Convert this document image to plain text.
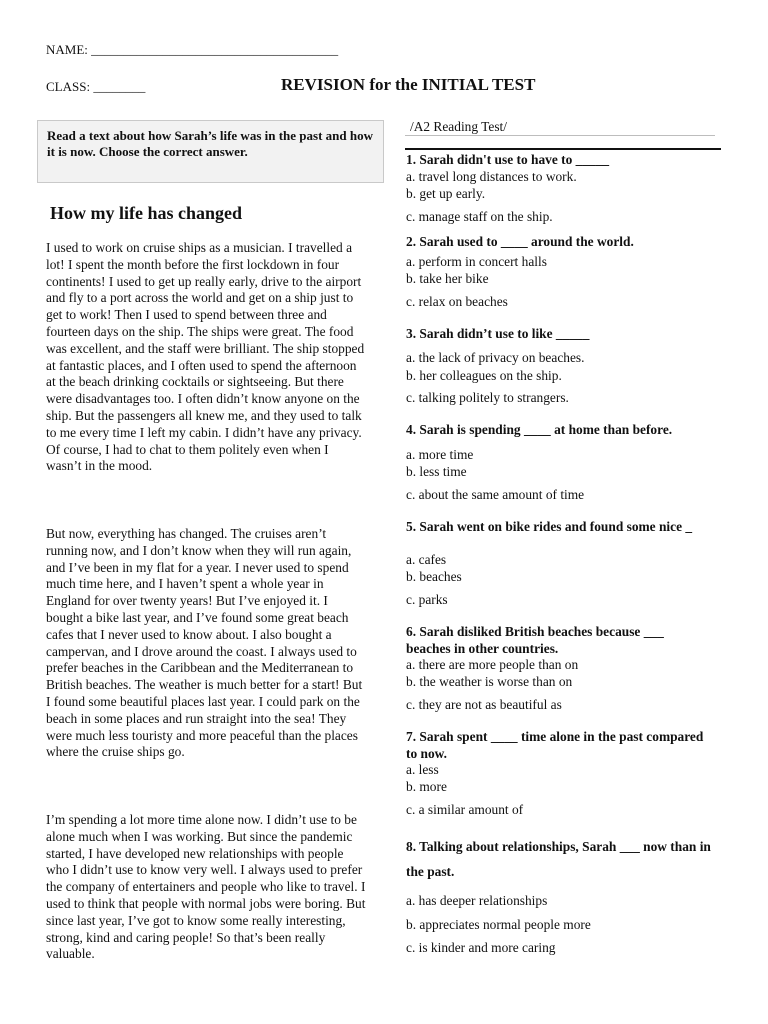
NAME: ______________________________________
CLASS: ________	REVISION for the INITIAL TEST
Read a text about how Sarah’s life was in the past and how it is now. Choose the correct answer.
How my life has changed

I used to work on cruise ships as a musician. I travelled a lot! I spent the month before the first lockdown in four continents! I used to get up really early, drive to the airport and fly to a port across the world and get on a ship just to get to work! Then I used to spend between three and fourteen days on the ship. The ships were great. The food was excellent, and the staff were brilliant. The ship stopped at fantastic places, and I often used to spend the afternoon at the beach drinking cocktails or sightseeing. But there were disadvantages too. I often didn’t know anyone on the ship. But the passengers all knew me, and they used to talk to me every time I left my cabin. I didn’t have any privacy. Of course, I had to chat to them politely even when I wasn’t in the mood.

But now, everything has changed. The cruises aren’t running now, and I don’t know when they will run again, and I’ve been in my flat for a year. I never used to spend much time here, and I haven’t spent a whole year in England for over twenty years! But I’ve enjoyed it. I bought a bike last year, and I’ve found some great beach cafes that I never used to know about. I also bought a campervan, and I drove around the coast. I always used to prefer beaches in the Caribbean and the Mediterranean to British beaches. The weather is much better for a start! But I found some beautiful places last year. I could park on the beach in some places and run straight into the sea! They were much less touristy and more peaceful than the places where the cruise ships go.

I’m spending a lot more time alone now. I didn’t use to be alone much when I was working. But since the pandemic started, I have developed new relationships with people who I didn’t use to know very well. I always used to prefer the company of entertainers and people who like to travel. I used to think that people with normal jobs were boring. But since last year, I’ve got to know some really interesting, strong, kind and caring people! So that’s been really valuable.

/A2 Reading Test/
1. Sarah didn't use to have to _____
a. travel long distances to work.
b. get up early.
c. manage staff on the ship.
2. Sarah used to ____ around the world.
a. perform in concert halls
b. take her bike
c. relax on beaches
3. Sarah didn’t use to like _____
a. the lack of privacy on beaches.
b. her colleagues on the ship.
c. talking politely to strangers.
4. Sarah is spending ____ at home than before.
a. more time
b. less time
c. about the same amount of time
5. Sarah went on bike rides and found some nice _
a. cafes
b. beaches
c. parks
6. Sarah disliked British beaches because ___ beaches in other countries.
a. there are more people than on
b. the weather is worse than on
c. they are not as beautiful as
7. Sarah spent ____ time alone in the past compared to now.
a. less
b. more
c. a similar amount of
8. Talking about relationships, Sarah ___ now than in the past.
a. has deeper relationships
b. appreciates normal people more
c. is kinder and more caring
